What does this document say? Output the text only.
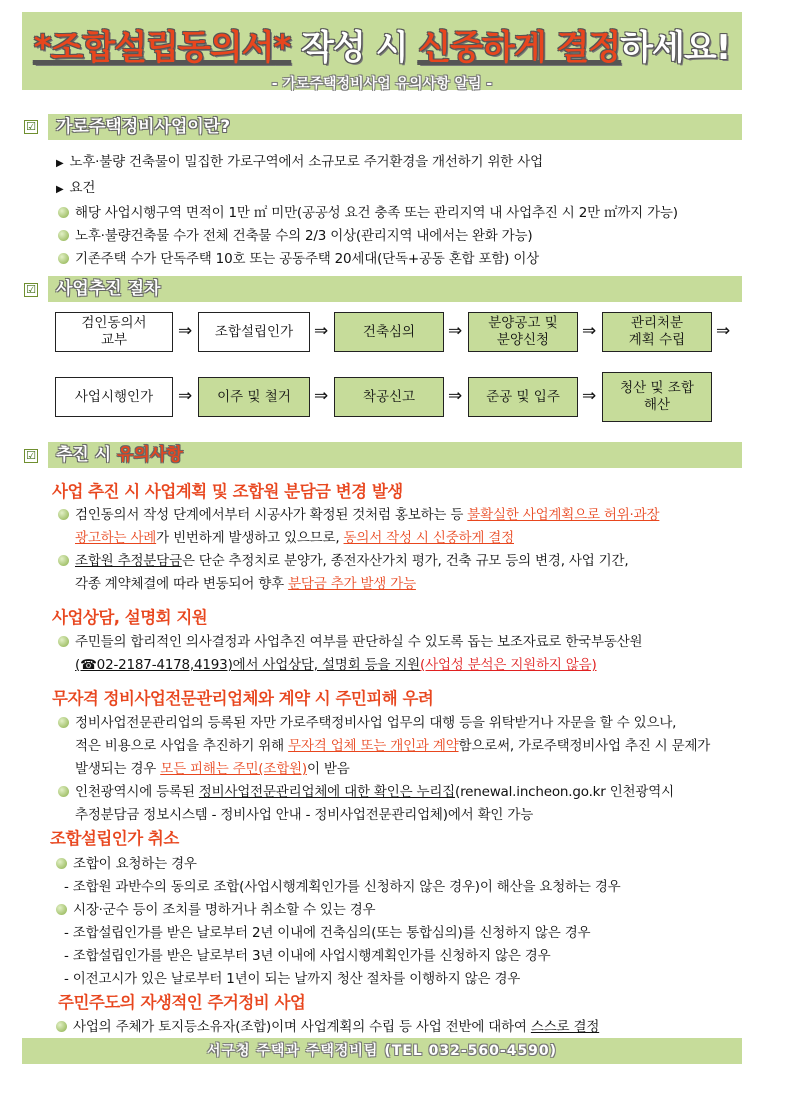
*조합설립동의서* 작성 시 신중하게 결정하세요!
- 가로주택정비사업 유의사항 알림 -
☑	가로주택정비사업이란?
▶ 노후·불량 건축물이 밀집한 가로구역에서 소규모로 주거환경을 개선하기 위한 사업
▶ 요건
해당 사업시행구역 면적이 1만 ㎡ 미만(공공성 요건 충족 또는 관리지역 내 사업추진 시 2만 ㎡까지 가능)
노후·불량건축물 수가 전체 건축물 수의 2/3 이상(관리지역 내에서는 완화 가능)
기존주택 수가 단독주택 10호 또는 공동주택 20세대(단독+공동 혼합 포함) 이상
☑	사업추진 절차
검인동의서
교부	⇒ 조합설립인가 ⇒	건축심의 ⇒ 분양공고 및
분양신청	⇒	관리처분
계획 수립 ⇒
사업시행인가 ⇒ 이주 및 철거 ⇒	착공신고 ⇒ 준공 및 입주 ⇒ 청산 및 조합
해산
☑	추진 시 유의사항
사업 추진 시 사업계획 및 조합원 분담금 변경 발생
검인동의서 작성 단계에서부터 시공사가 확정된 것처럼 홍보하는 등 불확실한 사업계획으로 허위·과장
광고하는 사례가 빈번하게 발생하고 있으므로, 동의서 작성 시 신중하게 결정
조합원 추정분담금은 단순 추정치로 분양가, 종전자산가치 평가, 건축 규모 등의 변경, 사업 기간,
각종 계약체결에 따라 변동되어 향후 분담금 추가 발생 가능
사업상담, 설명회 지원
주민들의 합리적인 의사결정과 사업추진 여부를 판단하실 수 있도록 돕는 보조자료로 한국부동산원
(☎02-2187-4178,4193)에서 사업상담, 설명회 등을 지원(사업성 분석은 지원하지 않음)
무자격 정비사업전문관리업체와 계약 시 주민피해 우려
정비사업전문관리업의 등록된 자만 가로주택정비사업 업무의 대행 등을 위탁받거나 자문을 할 수 있으나,
적은 비용으로 사업을 추진하기 위해 무자격 업체 또는 개인과 계약함으로써, 가로주택정비사업 추진 시 문제가
발생되는 경우 모든 피해는 주민(조합원)이 받음
인천광역시에 등록된 정비사업전문관리업체에 대한 확인은 누리집(renewal.incheon.go.kr 인천광역시
추정분담금 정보시스템 - 정비사업 안내 - 정비사업전문관리업체)에서 확인 가능
조합설립인가 취소
조합이 요청하는 경우
- 조합원 과반수의 동의로 조합(사업시행계획인가를 신청하지 않은 경우)이 해산을 요청하는 경우
시장·군수 등이 조치를 명하거나 취소할 수 있는 경우
- 조합설립인가를 받은 날로부터 2년 이내에 건축심의(또는 통합심의)를 신청하지 않은 경우
- 조합설립인가를 받은 날로부터 3년 이내에 사업시행계획인가를 신청하지 않은 경우
- 이전고시가 있은 날로부터 1년이 되는 날까지 청산 절차를 이행하지 않은 경우
주민주도의 자생적인 주거정비 사업
사업의 주체가 토지등소유자(조합)이며 사업계획의 수립 등 사업 전반에 대하여 스스로 결정
서구청 주택과 주택정비팀 (TEL 032-560-4590)
